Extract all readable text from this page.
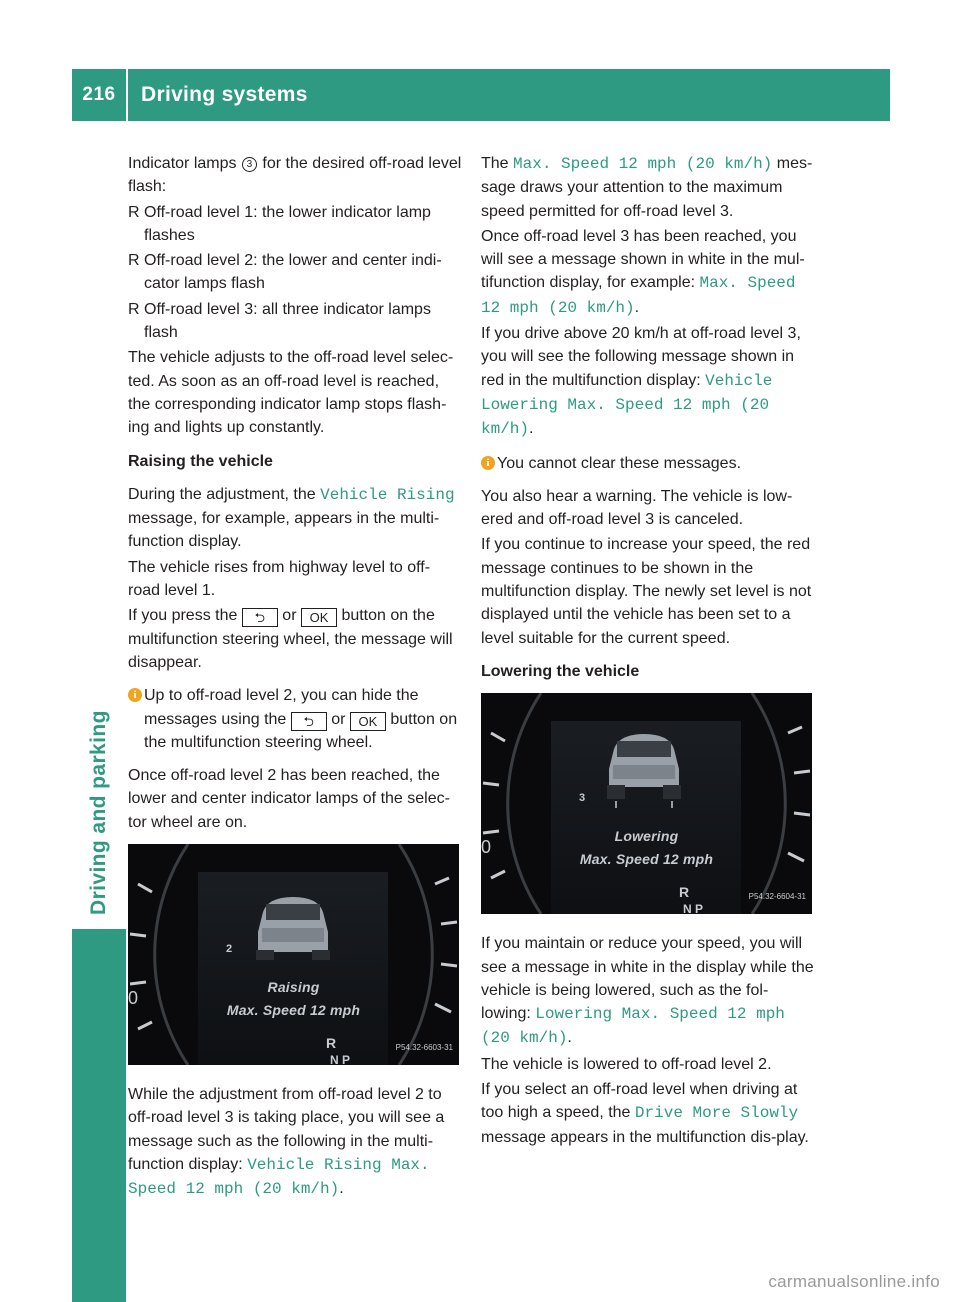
216	Driving systems
Driving and parking

Indicator lamps 3 for the desired off-road level flash:

R Off-road level 1: the lower indicator lamp flashes
R Off-road level 2: the lower and center indi-cator lamps flash
R Off-road level 3: all three indicator lamps flash

The vehicle adjusts to the off-road level selec-ted. As soon as an off-road level is reached, the corresponding indicator lamp stops flash-ing and lights up constantly.

Raising the vehicle

During the adjustment, the Vehicle Rising message, for example, appears in the multi-function display.

The vehicle rises from highway level to off-road level 1.

If you press the ⮌ or OK button on the multifunction steering wheel, the message will disappear.

i Up to off-road level 2, you can hide the messages using the ⮌ or OK button on the multifunction steering wheel.

Once off-road level 2 has been reached, the lower and center indicator lamps of the selec-tor wheel are on.

0
2
Raising
Max. Speed 12 mph
R
N P
P54.32-6603-31

While the adjustment from off-road level 2 to off-road level 3 is taking place, you will see a message such as the following in the multi-function display: Vehicle Rising Max. Speed 12 mph (20 km/h).

The Max. Speed 12 mph (20 km/h) mes-sage draws your attention to the maximum speed permitted for off-road level 3.

Once off-road level 3 has been reached, you will see a message shown in white in the mul-tifunction display, for example: Max. Speed 12 mph (20 km/h).

If you drive above 20 km/h at off-road level 3, you will see the following message shown in red in the multifunction display: Vehicle Lowering Max. Speed 12 mph (20 km/h).

i You cannot clear these messages.

You also hear a warning. The vehicle is low-ered and off-road level 3 is canceled.

If you continue to increase your speed, the red message continues to be shown in the multifunction display. The newly set level is not displayed until the vehicle has been set to a level suitable for the current speed.

Lowering the vehicle

0
3
Lowering
Max. Speed 12 mph
R
N P
P54.32-6604-31

If you maintain or reduce your speed, you will see a message in white in the display while the vehicle is being lowered, such as the fol-lowing: Lowering Max. Speed 12 mph (20 km/h).

The vehicle is lowered to off-road level 2.

If you select an off-road level when driving at too high a speed, the Drive More Slowly message appears in the multifunction dis-play.

carmanualsonline.info
